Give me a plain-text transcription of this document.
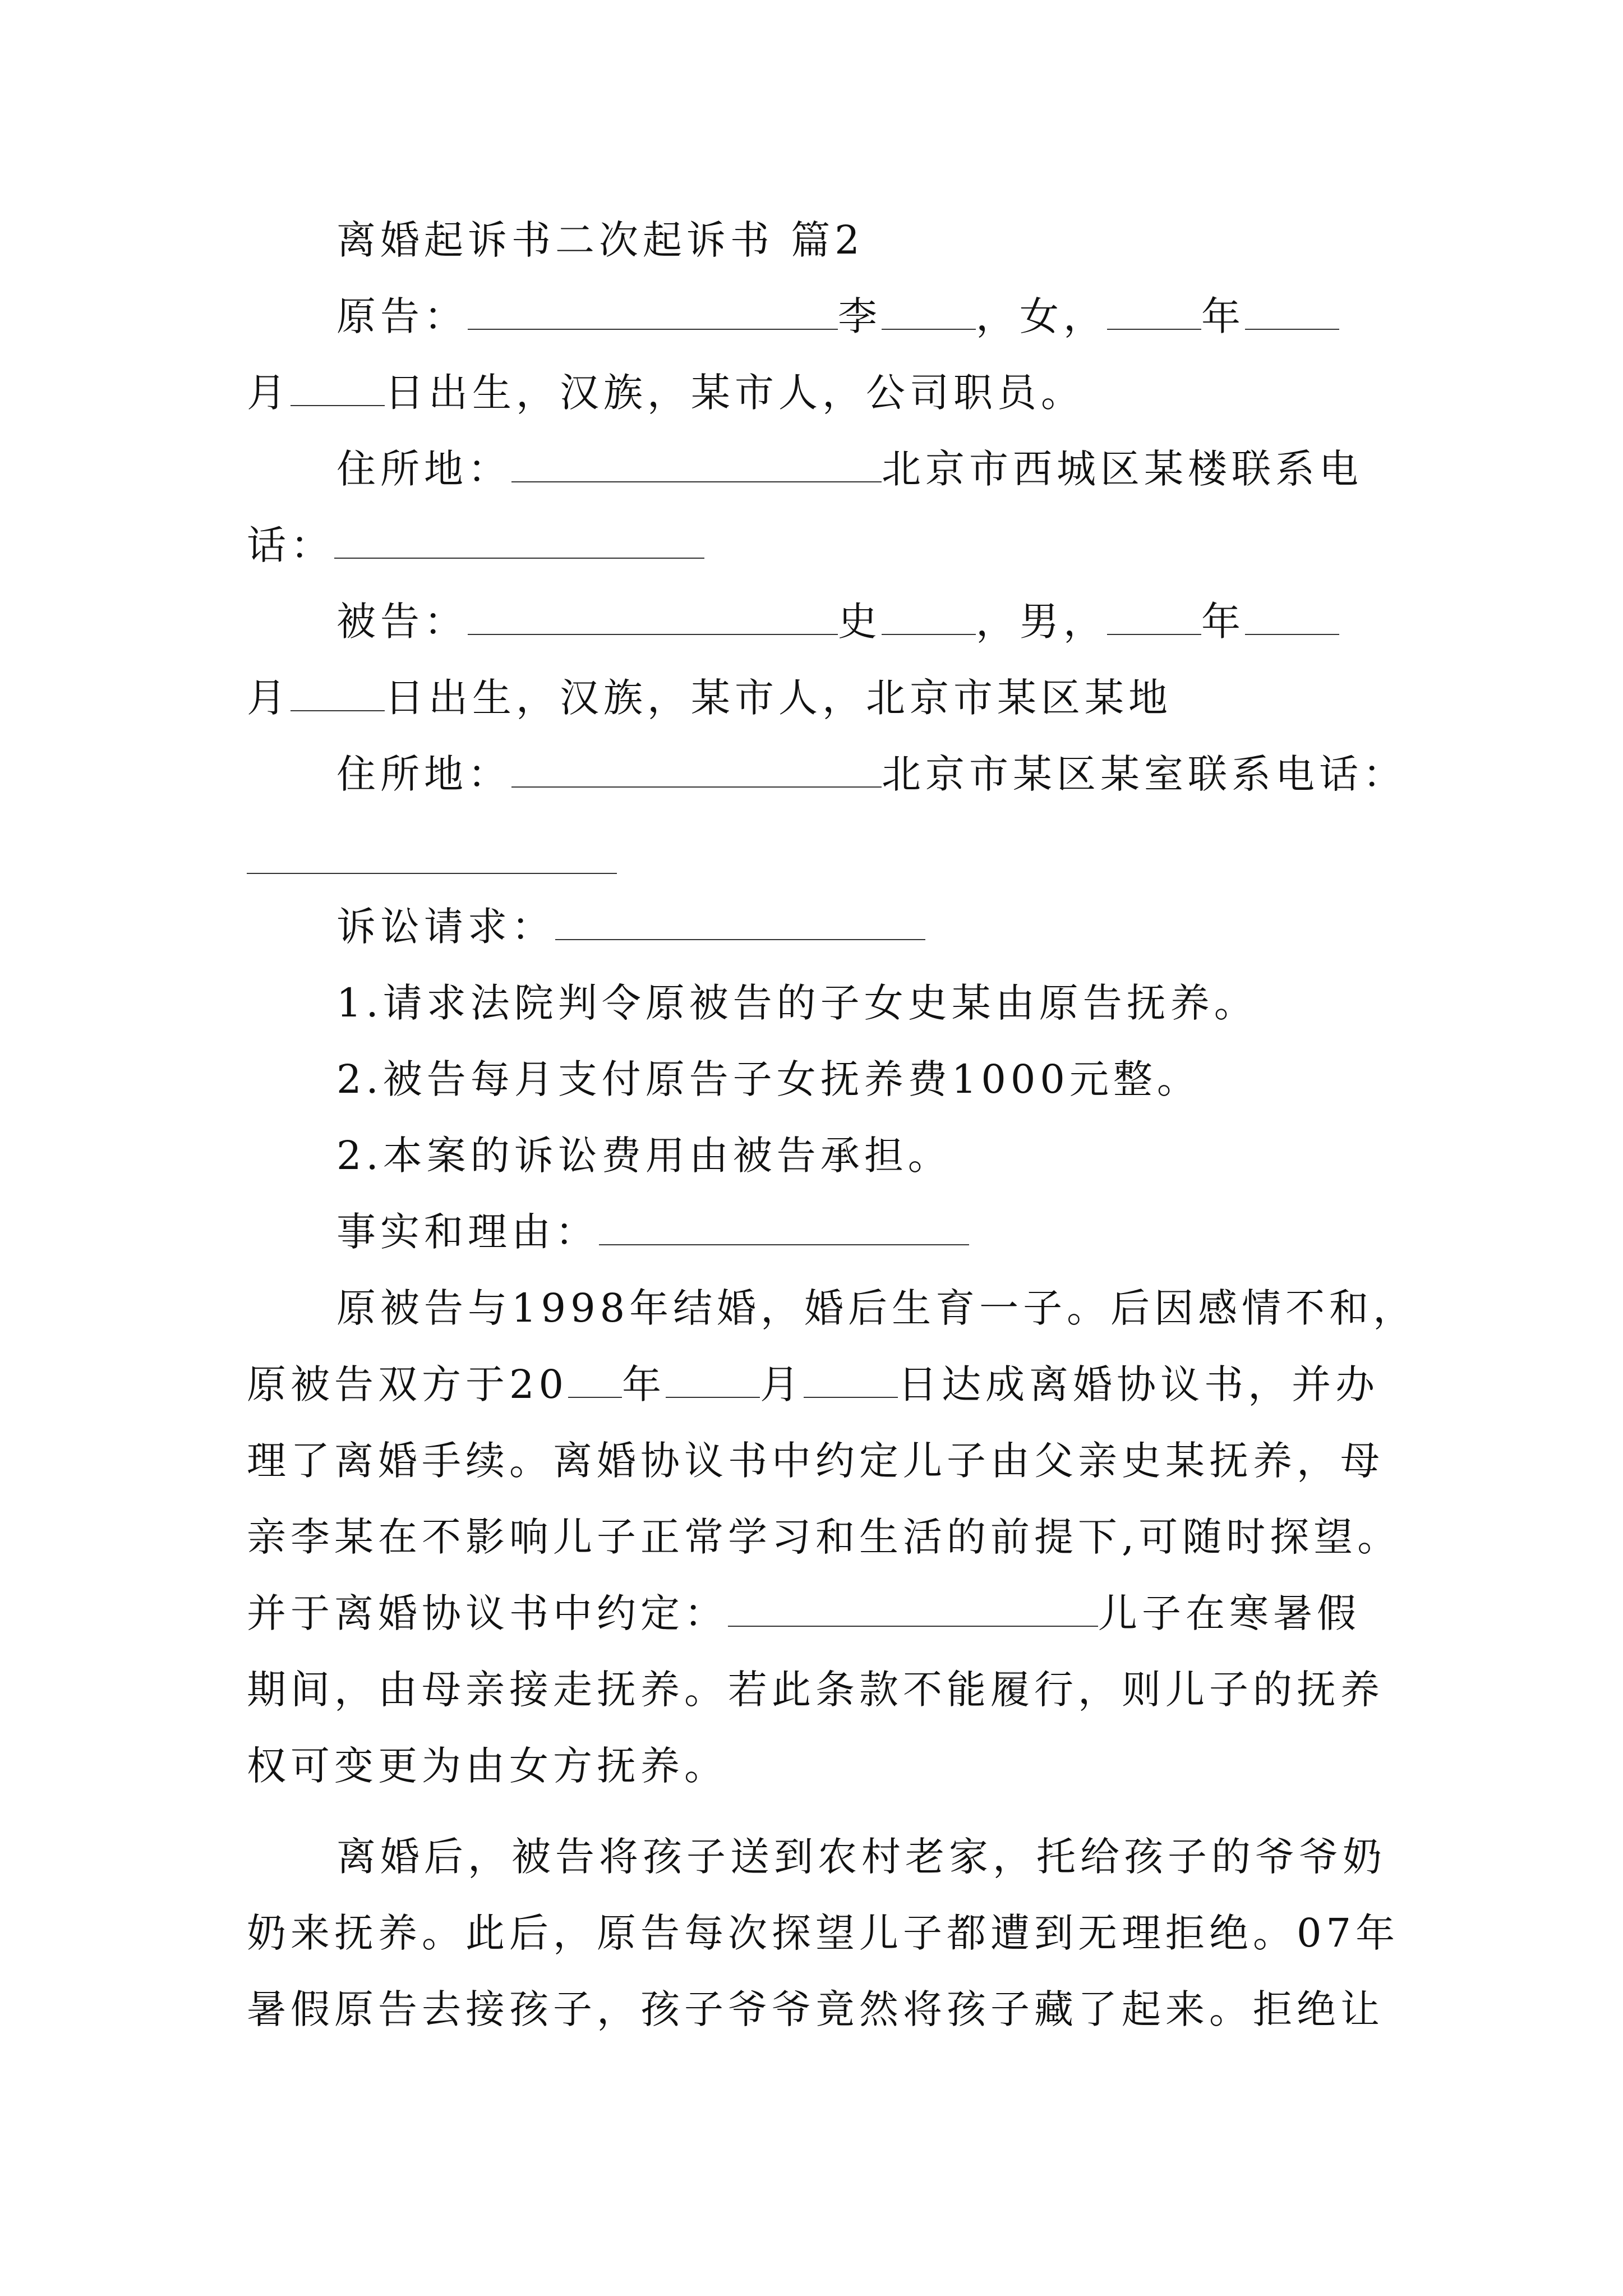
离婚起诉书二次起诉书 篇2
原告：	李 ，女， 年
月 日出生，汉族，某市人，公司职员。
住所地：	北京市西城区某楼联系电
话：
被告：	史 ，男， 年
月 日出生，汉族，某市人，北京市某区某地
住所地：	北京市某区某室联系电话：
诉讼请求：
1.请求法院判令原被告的子女史某由原告抚养。
2.被告每月支付原告子女抚养费1000元整。
2.本案的诉讼费用由被告承担。
事实和理由：
原被告与1998年结婚，婚后生育一子。后因感情不和，
原被告双方于20 年 月 日达成离婚协议书，并办
理了离婚手续。离婚协议书中约定儿子由父亲史某抚养，母
亲李某在不影响儿子正常学习和生活的前提下,可随时探望。
并于离婚协议书中约定：	儿子在寒暑假
期间，由母亲接走抚养。若此条款不能履行，则儿子的抚养
权可变更为由女方抚养。
离婚后，被告将孩子送到农村老家，托给孩子的爷爷奶
奶来抚养。此后，原告每次探望儿子都遭到无理拒绝。07年
暑假原告去接孩子，孩子爷爷竟然将孩子藏了起来。拒绝让
